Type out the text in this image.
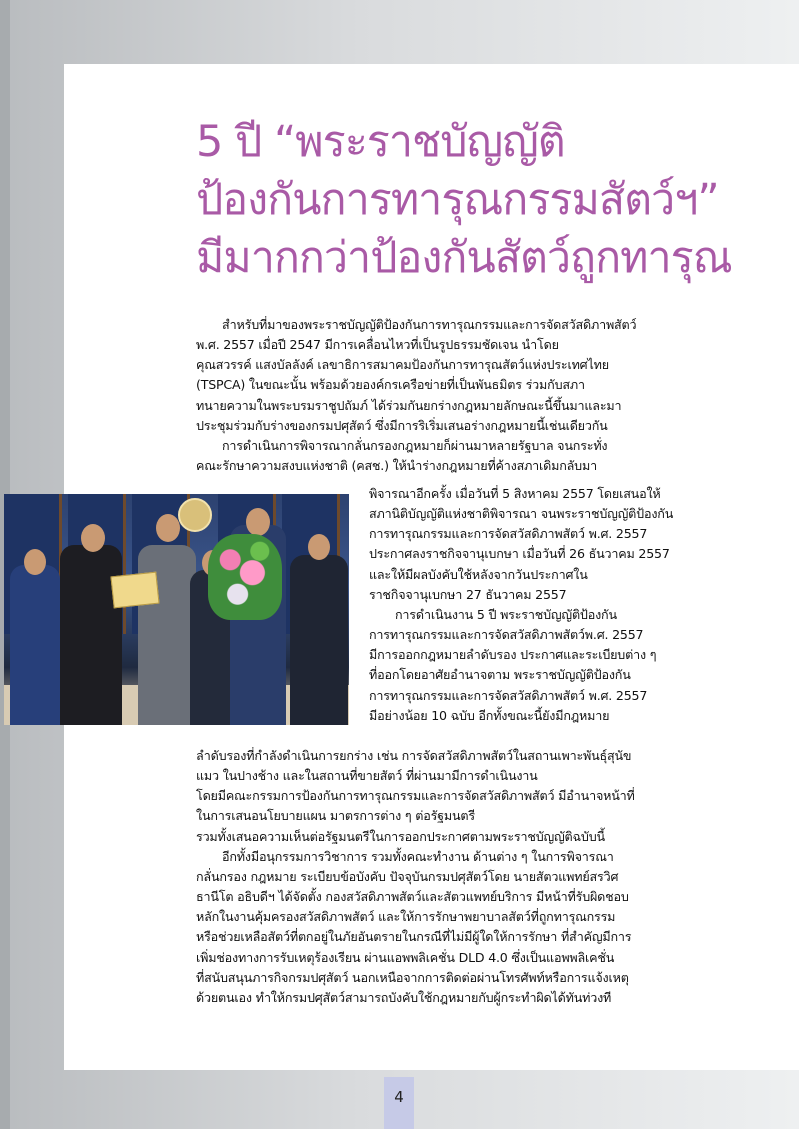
5 ปี “พระราชบัญญัติ
ป้องกันการทารุณกรรมสัตว์ฯ”
มีมากกว่าป้องกันสัตว์ถูกทารุณ
สำหรับที่มาของพระราชบัญญัติป้องกันการทารุณกรรมและการจัดสวัสดิภาพสัตว์
พ.ศ. 2557 เมื่อปี 2547 มีการเคลื่อนไหวที่เป็นรูปธรรมชัดเจน นำโดย
คุณสวรรค์ แสงบัลลังค์ เลขาธิการสมาคมป้องกันการทารุณสัตว์แห่งประเทศไทย
(TSPCA) ในขณะนั้น พร้อมด้วยองค์กรเครือข่ายที่เป็นพันธมิตร ร่วมกับสภา
ทนายความในพระบรมราชูปถัมภ์ ได้ร่วมกันยกร่างกฎหมายลักษณะนี้ขึ้นมาและมา
ประชุมร่วมกับร่างของกรมปศุสัตว์ ซึ่งมีการริเริ่มเสนอร่างกฎหมายนี้เช่นเดียวกัน
การดำเนินการพิจารณากลั่นกรองกฎหมายก็ผ่านมาหลายรัฐบาล จนกระทั่ง
คณะรักษาความสงบแห่งชาติ (คสช.) ให้นำร่างกฎหมายที่ค้างสภาเดิมกลับมา
พิจารณาอีกครั้ง เมื่อวันที่ 5 สิงหาคม 2557 โดยเสนอให้
สภานิติบัญญัติแห่งชาติพิจารณา จนพระราชบัญญัติป้องกัน
การทารุณกรรมและการจัดสวัสดิภาพสัตว์ พ.ศ. 2557
ประกาศลงราชกิจจานุเบกษา เมื่อวันที่ 26 ธันวาคม 2557
และให้มีผลบังคับใช้หลังจากวันประกาศใน
ราชกิจจานุเบกษา 27 ธันวาคม 2557
การดำเนินงาน 5 ปี พระราชบัญญัติป้องกัน
การทารุณกรรมและการจัดสวัสดิภาพสัตว์พ.ศ. 2557
มีการออกกฎหมายลำดับรอง ประกาศและระเบียบต่าง ๆ
ที่ออกโดยอาศัยอำนาจตาม พระราชบัญญัติป้องกัน
การทารุณกรรมและการจัดสวัสดิภาพสัตว์ พ.ศ. 2557
มีอย่างน้อย 10 ฉบับ อีกทั้งขณะนี้ยังมีกฎหมาย
ลำดับรองที่กำลังดำเนินการยกร่าง เช่น การจัดสวัสดิภาพสัตว์ในสถานเพาะพันธุ์สุนัข
แมว ในปางช้าง และในสถานที่ขายสัตว์ ที่ผ่านมามีการดำเนินงาน
โดยมีคณะกรรมการป้องกันการทารุณกรรมและการจัดสวัสดิภาพสัตว์ มีอำนาจหน้าที่
ในการเสนอนโยบายแผน มาตรการต่าง ๆ ต่อรัฐมนตรี
รวมทั้งเสนอความเห็นต่อรัฐมนตรีในการออกประกาศตามพระราชบัญญัติฉบับนี้
อีกทั้งมีอนุกรรมการวิชาการ รวมทั้งคณะทำงาน ด้านต่าง ๆ ในการพิจารณา
กลั่นกรอง กฎหมาย ระเบียบข้อบังคับ ปัจจุบันกรมปศุสัตว์โดย นายสัตวแพทย์สรวิศ
ธานีโต อธิบดีฯ ได้จัดตั้ง กองสวัสดิภาพสัตว์และสัตวแพทย์บริการ มีหน้าที่รับผิดชอบ
หลักในงานคุ้มครองสวัสดิภาพสัตว์ และให้การรักษาพยาบาลสัตว์ที่ถูกทารุณกรรม
หรือช่วยเหลือสัตว์ที่ตกอยู่ในภัยอันตรายในกรณีที่ไม่มีผู้ใดให้การรักษา ที่สำคัญมีการ
เพิ่มช่องทางการรับเหตุร้องเรียน ผ่านแอพพลิเคชั่น DLD 4.0 ซึ่งเป็นแอพพลิเคชั่น
ที่สนับสนุนภารกิจกรมปศุสัตว์ นอกเหนือจากการติดต่อผ่านโทรศัพท์หรือการแจ้งเหตุ
ด้วยตนเอง ทำให้กรมปศุสัตว์สามารถบังคับใช้กฎหมายกับผู้กระทำผิดได้ทันท่วงที
4
